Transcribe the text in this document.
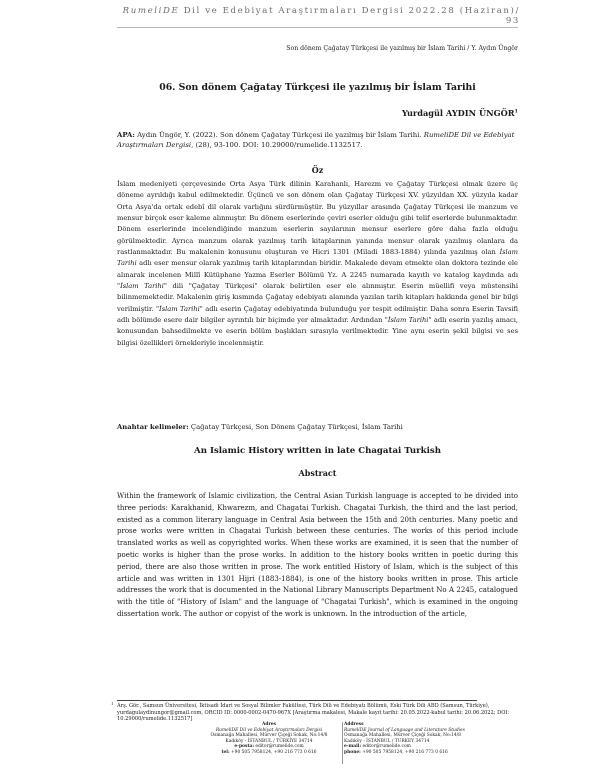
RumeliDE Dil ve Edebiyat Araştırmaları Dergisi 2022.28 (Haziran)/ 93
Son dönem Çağatay Türkçesi ile yazılmış bir İslam Tarihi / Y. Aydın Üngör
06. Son dönem Çağatay Türkçesi ile yazılmış bir İslam Tarihi
Yurdagül AYDIN ÜNGÖR$^1$
APA: Aydın Üngör, Y. (2022). Son dönem Çağatay Türkçesi ile yazılmış bir İslam Tarihi. RumeliDE Dil ve Edebiyat Araştırmaları Dergisi, (28), 93-100. DOI: 10.29000/rumelide.1132517.
Öz
İslam medeniyeti çerçevesinde Orta Asya Türk dilinin Karahanlı, Harezm ve Çağatay Türkçesi olmak üzere üç döneme ayrıldığı kabul edilmektedir. Üçüncü ve son dönem olan Çağatay Türkçesi XV. yüzyıldan XX. yüzyıla kadar Orta Asya'da ortak edebî dil olarak varlığını sürdürmüştür. Bu yüzyıllar arasında Çağatay Türkçesi ile manzum ve mensur birçok eser kaleme alınmıştır. Bu dönem eserlerinde çeviri eserler olduğu gibi telif eserlerde bulunmaktadır. Dönem eserlerinde incelendiğinde manzum eserlerin sayılarının mensur eserlere göre daha fazla olduğu görülmektedir. Ayrıca manzum olarak yazılmış tarih kitaplarının yanında mensur olarak yazılmış olanlara da rastlanmaktadır. Bu makalenin konusunu oluşturan ve Hicri 1301 (Miladi 1883-1884) yılında yazılmış olan İslam Tarihi adlı eser mensur olarak yazılmış tarih kitaplarından biridir. Makalede devam etmekte olan doktora tezinde ele alınarak incelenen Millî Kütüphane Yazma Eserler Bölümü Yz. A 2245 numarada kayıtlı ve katalog kaydında adı "İslam Tarihi" dili "Çağatay Türkçesi" olarak belirtilen eser ele alınmıştır. Eserin müellifi veya müstensihi bilinmemektedir. Makalenin giriş kısmında Çağatay edebiyatı alanında yazılan tarih kitapları hakkında genel bir bilgi verilmiştir. "İslam Tarihi" adlı eserin Çağatay edebiyatında bulunduğu yer tespit edilmiştir. Daha sonra Eserin Tavsifi adlı bölümde esere dair bilgiler ayrıntılı bir biçimde yer almaktadır. Ardından "İslam Tarihi" adlı eserin yazılış amacı, konusundan bahsedilmekte ve eserin bölüm başlıkları sırasıyla verilmektedir. Yine aynı eserin şekil bilgisi ve ses bilgisi özellikleri örnekleriyle incelenmiştir.
Anahtar kelimeler: Çağatay Türkçesi, Son Dönem Çağatay Türkçesi, İslam Tarihi
An Islamic History written in late Chagatai Turkish
Abstract
Within the framework of Islamic civilization, the Central Asian Turkish language is accepted to be divided into three periods: Karakhanid, Khwarezm, and Chagatai Turkish. Chagatai Turkish, the third and the last period, existed as a common literary language in Central Asia between the 15th and 20th centuries. Many poetic and prose works were written in Chagatai Turkish between these centuries. The works of this period include translated works as well as copyrighted works. When these works are examined, it is seen that the number of poetic works is higher than the prose works. In addition to the history books written in poetic during this period, there are also those written in prose. The work entitled History of Islam, which is the subject of this article and was written in 1301 Hijri (1883-1884), is one of the history books written in prose. This article addresses the work that is documented in the National Library Manuscripts Department No A 2245, catalogued with the title of "History of Islam" and the language of "Chagatai Turkish", which is examined in the ongoing dissertation work. The author or copyist of the work is unknown. In the introduction of the article,
1 Arş. Gör., Samsun Üniversitesi, İktisadi İdari ve Sosyal Bilimler Fakültesi, Türk Dili ve Edebiyatı Bölümü, Eski Türk Dili ABD (Samsun, Türkiye), yurdagulaydinungor@gmail.com, ORCID ID: 0000-0002-0470-967X [Araştırma makalesi, Makale kayıt tarihi: 20.05.2022-kabul tarihi: 20.06.2022; DOI: 10.29000/rumelide.1132517]
Adres
RumeliDE Dil ve Edebiyat Araştırmaları Dergisi
Osmanağa Mahallesi, Mürver Çiçeği Sokak, No:14/8
Kadıköy - İSTANBUL / TÜRKİYE 34714
e-posta: editor@rumelide.com
tel: +90 505 7958124, +90 216 773 0 616
Address
RumeliDE Journal of Language and Literature Studies
Osmanağa Mahallesi, Mürver Çiçeği Sokak, No:14/8
Kadıköy - İSTANBUL / TURKEY 34714
e-mail: editor@rumelide.com
phone: +90 505 7958124, +90 216 773 0 616
